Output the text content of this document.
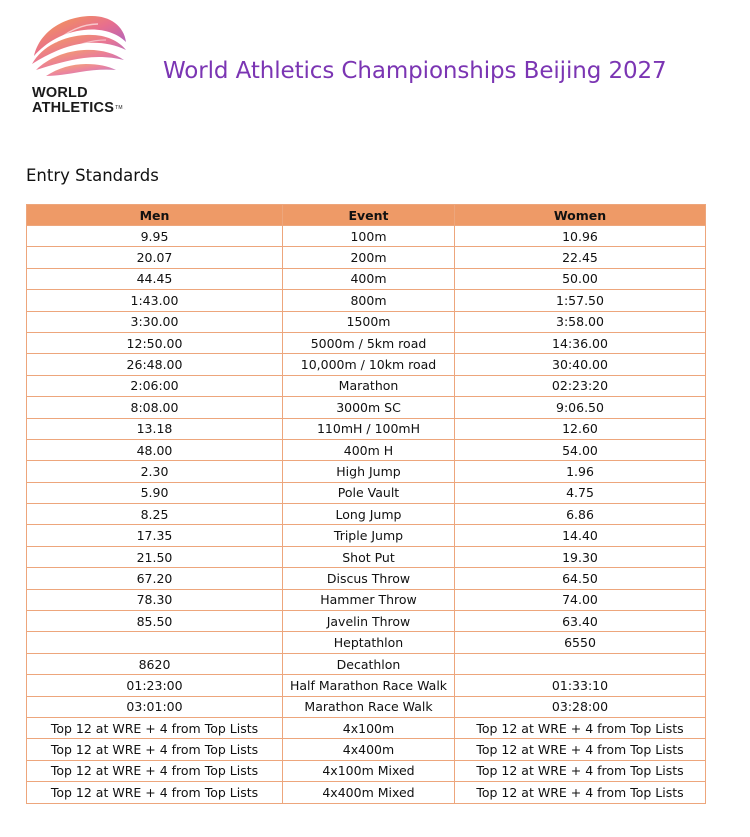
WORLD
ATHLETICS™
World Athletics Championships Beijing 2027
Entry Standards
Men	Event	Women
9.95	100m	10.96
20.07	200m	22.45
44.45	400m	50.00
1:43.00	800m	1:57.50
3:30.00	1500m	3:58.00
12:50.00	5000m / 5km road	14:36.00
26:48.00	10,000m / 10km road	30:40.00
2:06:00	Marathon	02:23:20
8:08.00	3000m SC	9:06.50
13.18	110mH / 100mH	12.60
48.00	400m H	54.00
2.30	High Jump	1.96
5.90	Pole Vault	4.75
8.25	Long Jump	6.86
17.35	Triple Jump	14.40
21.50	Shot Put	19.30
67.20	Discus Throw	64.50
78.30	Hammer Throw	74.00
85.50	Javelin Throw	63.40
	Heptathlon	6550
8620	Decathlon	
01:23:00	Half Marathon Race Walk	01:33:10
03:01:00	Marathon Race Walk	03:28:00
Top 12 at WRE + 4 from Top Lists	4x100m	Top 12 at WRE + 4 from Top Lists
Top 12 at WRE + 4 from Top Lists	4x400m	Top 12 at WRE + 4 from Top Lists
Top 12 at WRE + 4 from Top Lists	4x100m Mixed	Top 12 at WRE + 4 from Top Lists
Top 12 at WRE + 4 from Top Lists	4x400m Mixed	Top 12 at WRE + 4 from Top Lists
